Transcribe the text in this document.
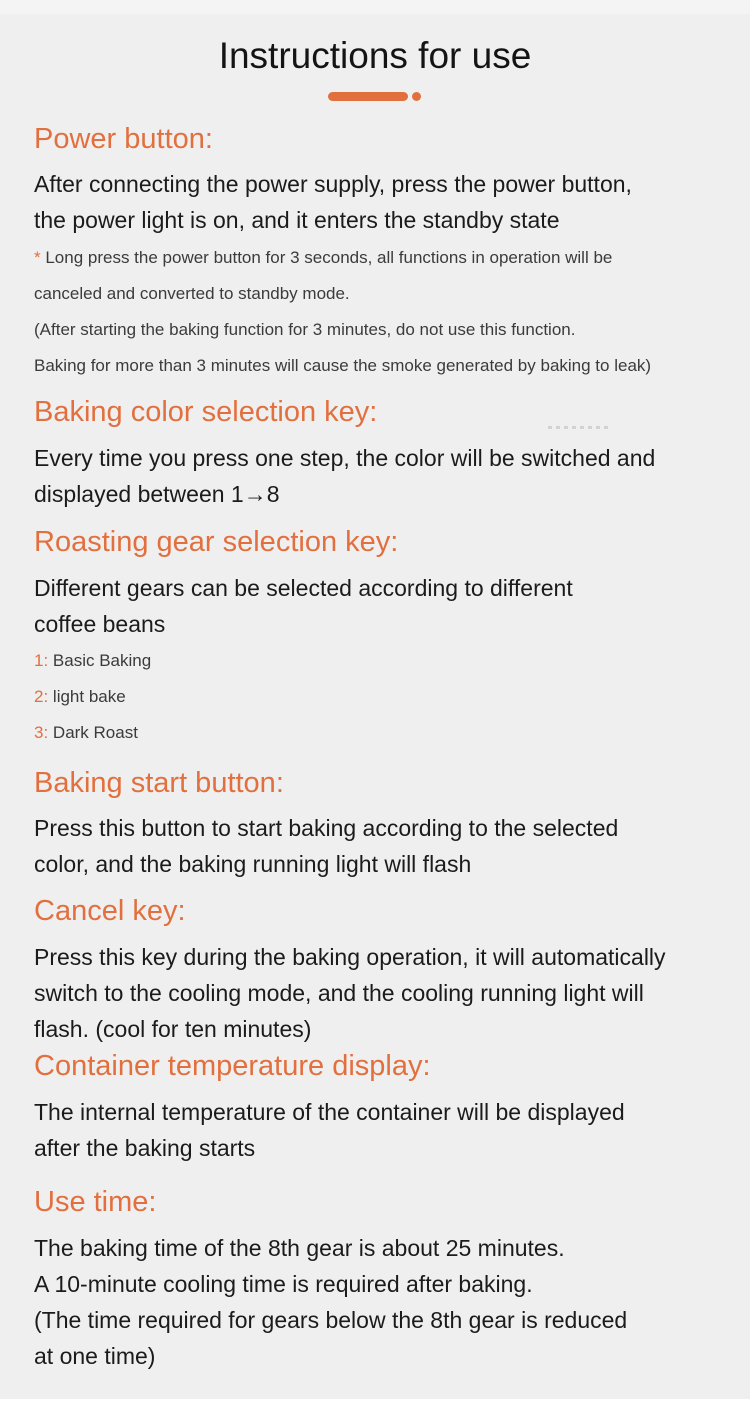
Instructions for use
Power button:

After connecting the power supply, press the power button,

the power light is on, and it enters the standby state

* Long press the power button for 3 seconds, all functions in operation will be

canceled and converted to standby mode.

(After starting the baking function for 3 minutes, do not use this function.

Baking for more than 3 minutes will cause the smoke generated by baking to leak)

Baking color selection key:

Every time you press one step, the color will be switched and

displayed between 1→8

Roasting gear selection key:

Different gears can be selected according to different

coffee beans

1: Basic Baking

2: light bake

3: Dark Roast

Baking start button:

Press this button to start baking according to the selected

color, and the baking running light will flash

Cancel key:

Press this key during the baking operation, it will automatically

switch to the cooling mode, and the cooling running light will

flash. (cool for ten minutes)

Container temperature display:

The internal temperature of the container will be displayed

after the baking starts

Use time:

The baking time of the 8th gear is about 25 minutes.

A 10-minute cooling time is required after baking.

(The time required for gears below the 8th gear is reduced

at one time)
